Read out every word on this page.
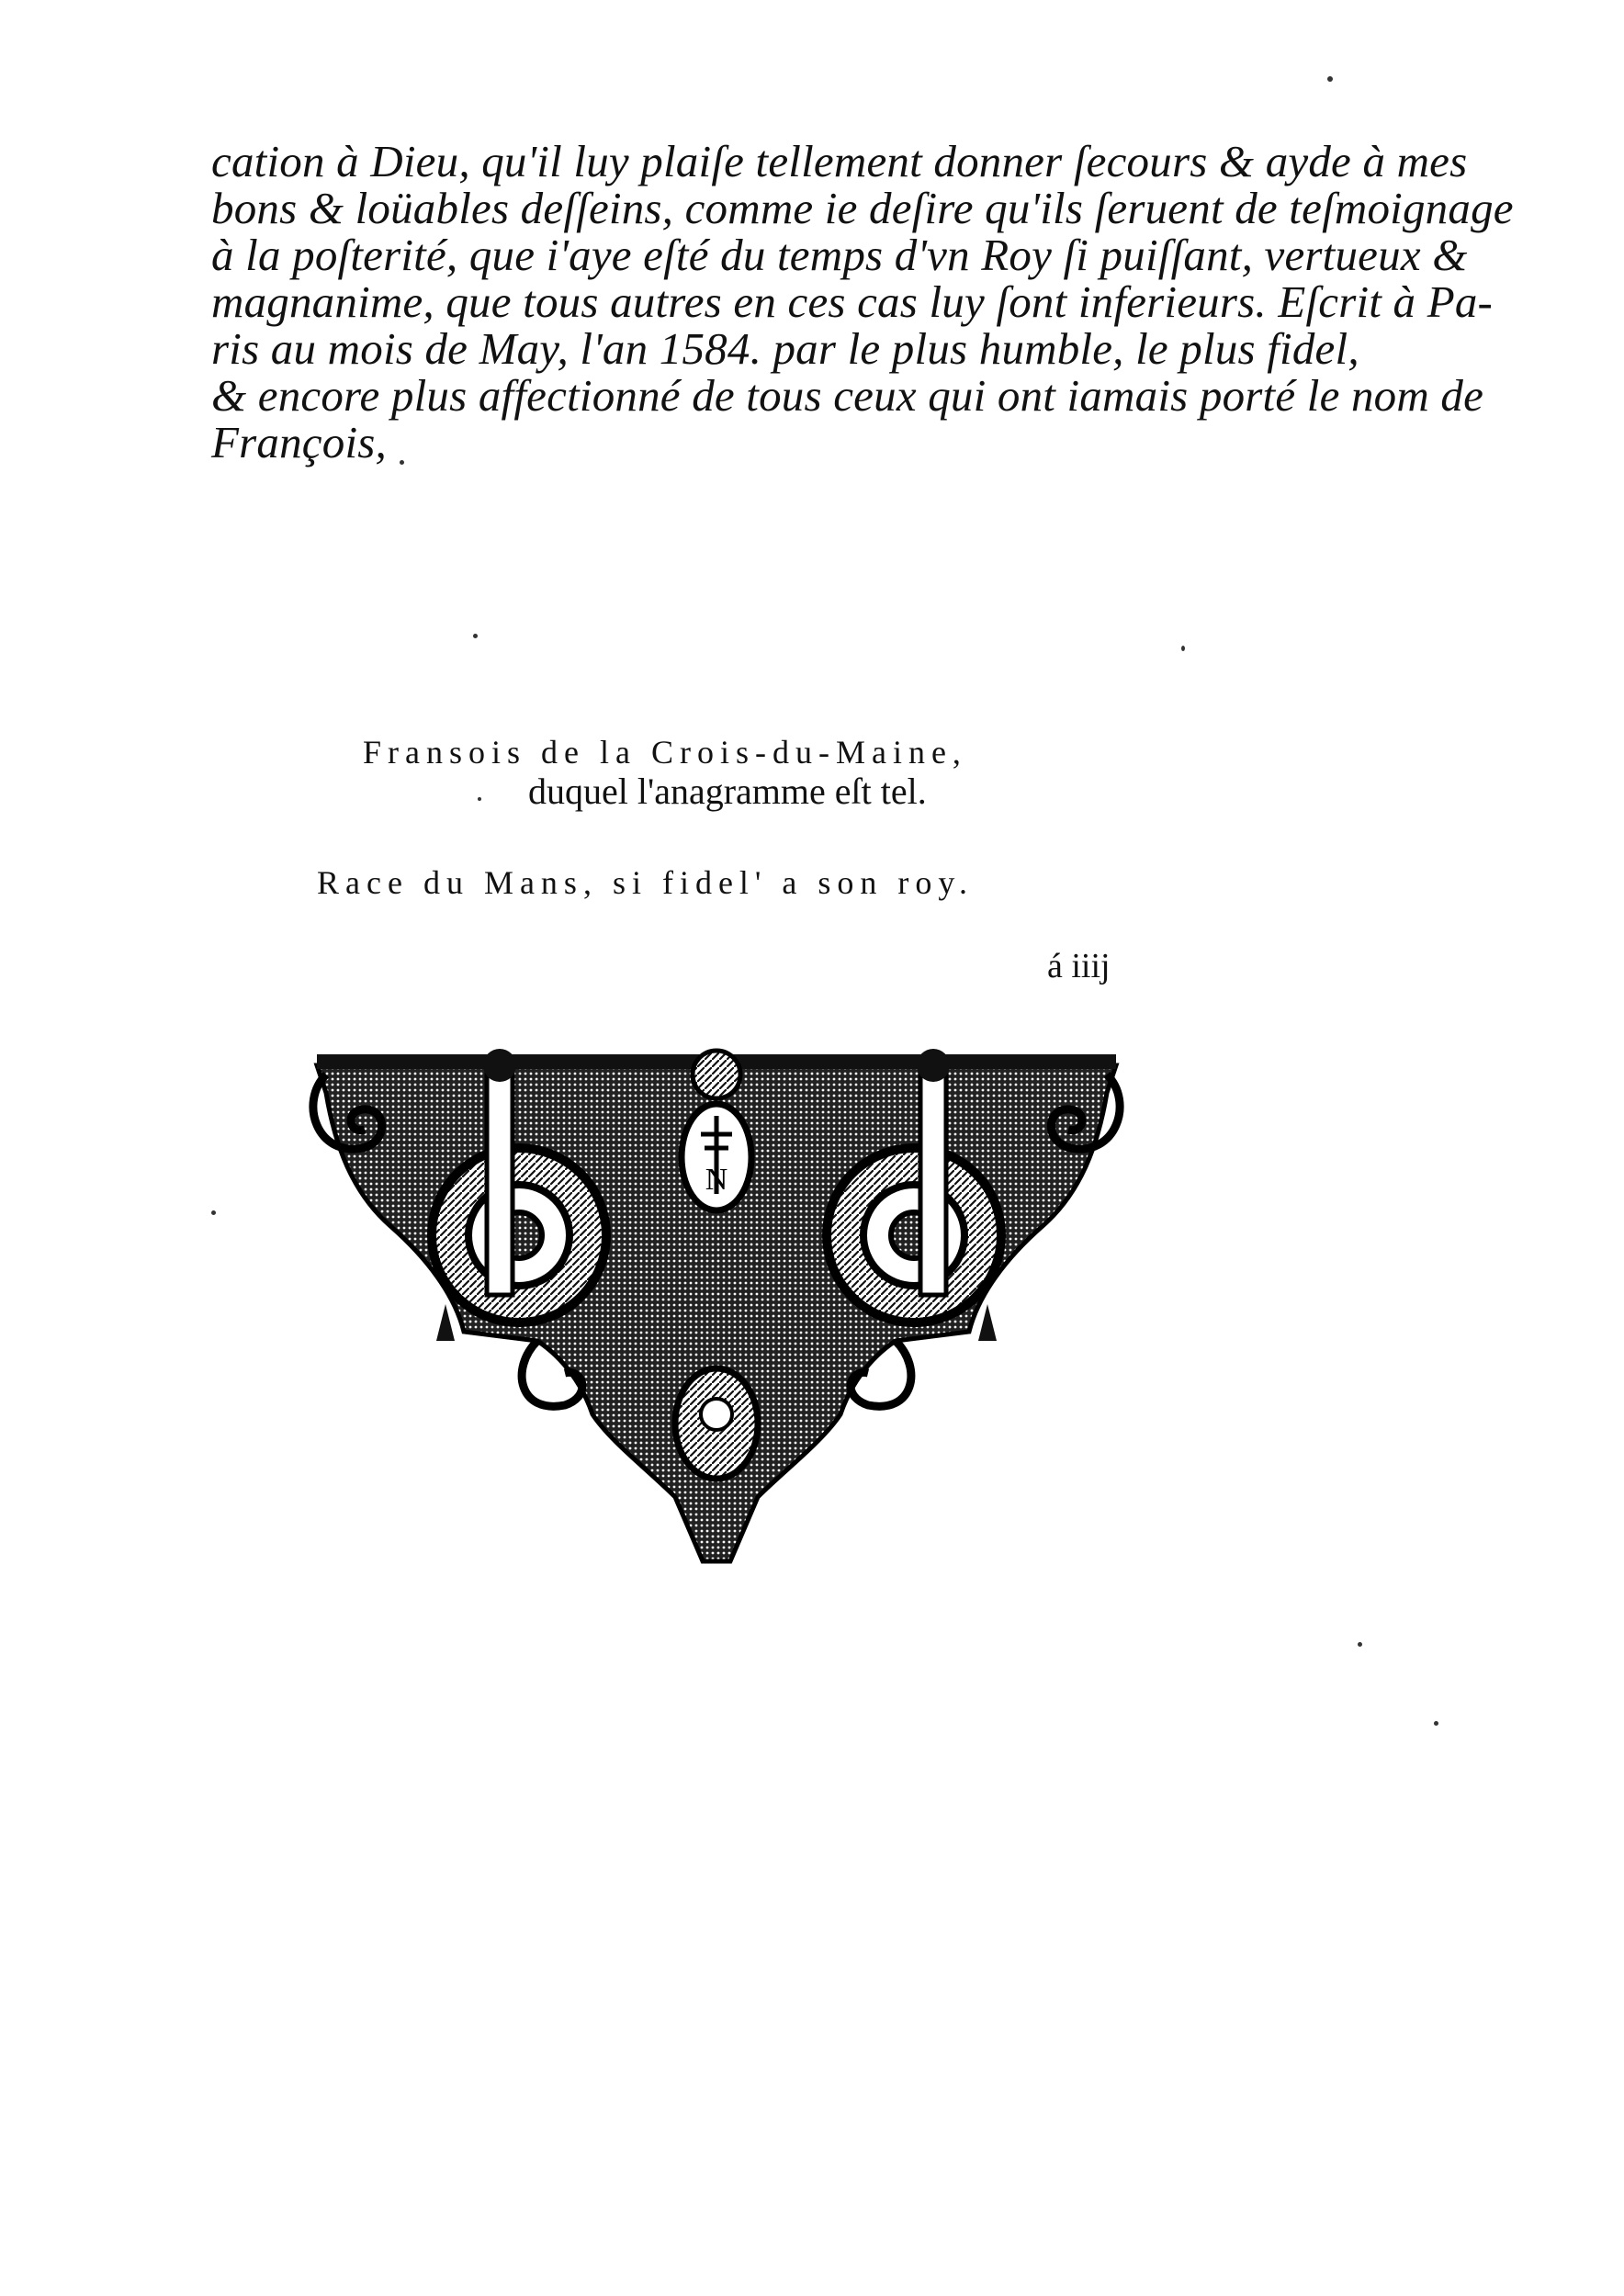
cation à Dieu, qu'il luy plaiſe tellement donner ſecours & ayde à mes
bons & loüables deſſeins, comme ie deſire qu'ils ſeruent de teſmoignage
à la poſterité, que i'aye eſté du temps d'vn Roy ſi puiſſant, vertueux &
magnanime, que tous autres en ces cas luy ſont inferieurs. Eſcrit à Pa-
ris au mois de May, l'an 1584. par le plus humble, le plus fidel,
& encore plus affectionné de tous ceux qui ont iamais porté le nom de
François,
Fransois de la Crois-du-Maine,
duquel l'anagramme eſt tel.
Race du Mans, si fidel' a son roy.
á iiij
N
